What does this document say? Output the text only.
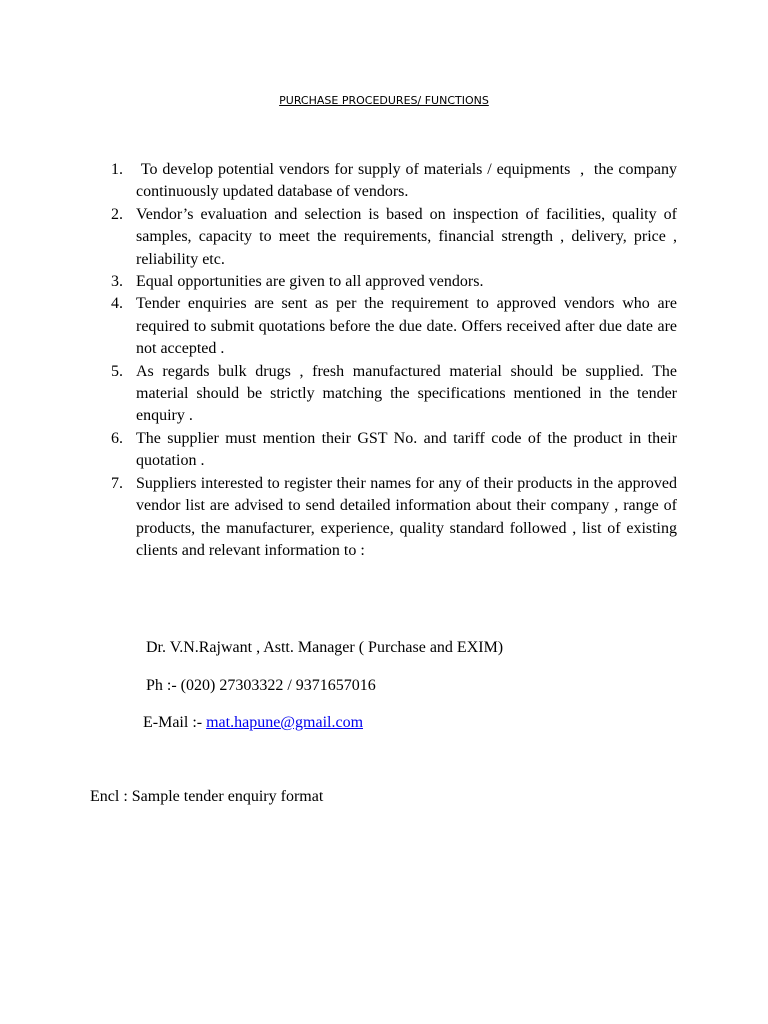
PURCHASE PROCEDURES/ FUNCTIONS
1. To develop potential vendors for supply of materials / equipments  ,  the company continuously updated database of vendors.
2. Vendor’s evaluation and selection is based on inspection of facilities, quality of samples, capacity to meet the requirements, financial strength , delivery, price , reliability etc.
3. Equal opportunities are given to all approved vendors.
4. Tender enquiries are sent as per the requirement to approved vendors who are required to submit quotations before the due date. Offers received after due date are not accepted .
5. As regards bulk drugs , fresh manufactured material should be supplied. The material should be strictly matching the specifications mentioned in the tender enquiry .
6. The supplier must mention their GST No. and tariff code of the product in their quotation .
7. Suppliers interested to register their names for any of their products in the approved vendor list are advised to send detailed information about their company , range of products, the manufacturer, experience, quality standard followed , list of existing clients and relevant information to :
Dr. V.N.Rajwant , Astt. Manager ( Purchase and EXIM)
Ph :- (020) 27303322 / 9371657016
E-Mail :- mat.hapune@gmail.com
Encl : Sample tender enquiry format
